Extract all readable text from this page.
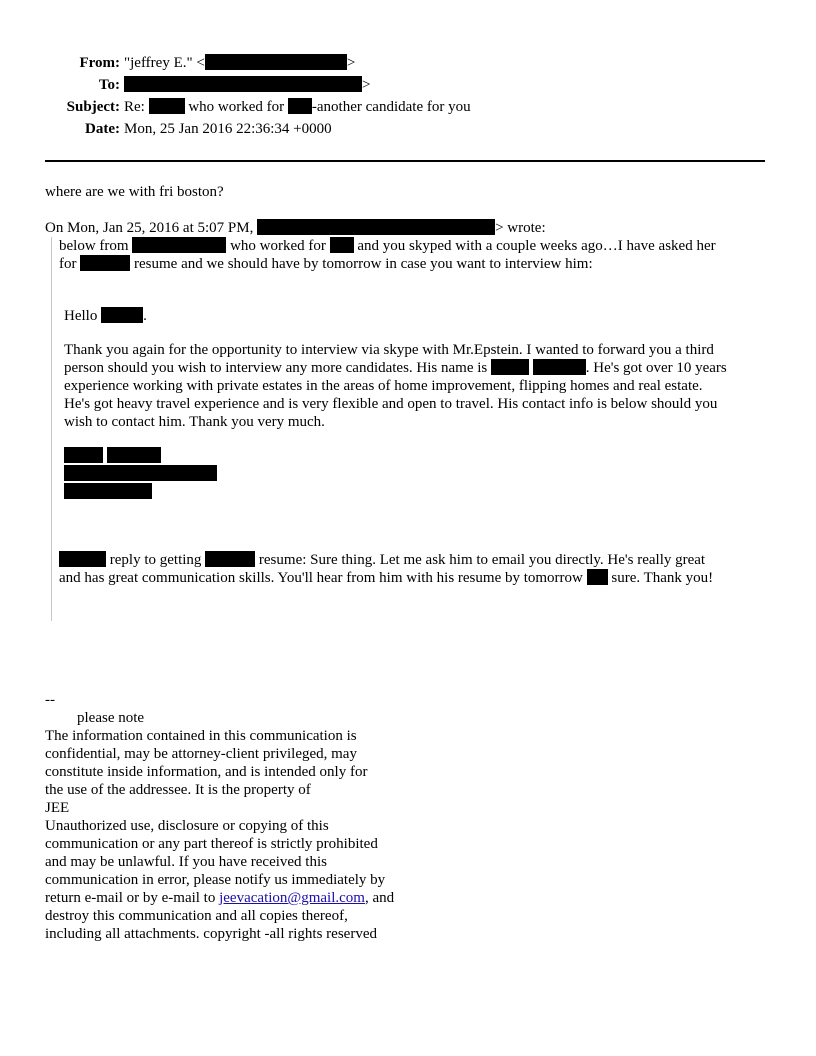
From: "jeffrey E." <	>
To:	>
Subject: Re:	who worked for -another candidate for you
Date: Mon, 25 Jan 2016 22:36:34 +0000
where are we with fri boston?
On Mon, Jan 25, 2016 at 5:07 PM,	> wrote:
below from	who worked for and you skyped with a couple weeks ago…I have asked her
for	resume and we should have by tomorrow in case you want to interview him:
Hello	.
Thank you again for the opportunity to interview via skype with Mr.Epstein. I wanted to forward you a third
person should you wish to interview any more candidates. His name is	. He's got over 10 years
experience working with private estates in the areas of home improvement, flipping homes and real estate.
He's got heavy travel experience and is very flexible and open to travel. His contact info is below should you
wish to contact him. Thank you very much.

reply to getting	resume: Sure thing. Let me ask him to email you directly. He's really great
and has great communication skills. You'll hear from him with his resume by tomorrow sure. Thank you!
--
please note
The information contained in this communication is
confidential, may be attorney-client privileged, may
constitute inside information, and is intended only for
the use of the addressee. It is the property of
JEE
Unauthorized use, disclosure or copying of this
communication or any part thereof is strictly prohibited
and may be unlawful. If you have received this
communication in error, please notify us immediately by
return e-mail or by e-mail to jeevacation@gmail.com, and
destroy this communication and all copies thereof,
including all attachments. copyright -all rights reserved
